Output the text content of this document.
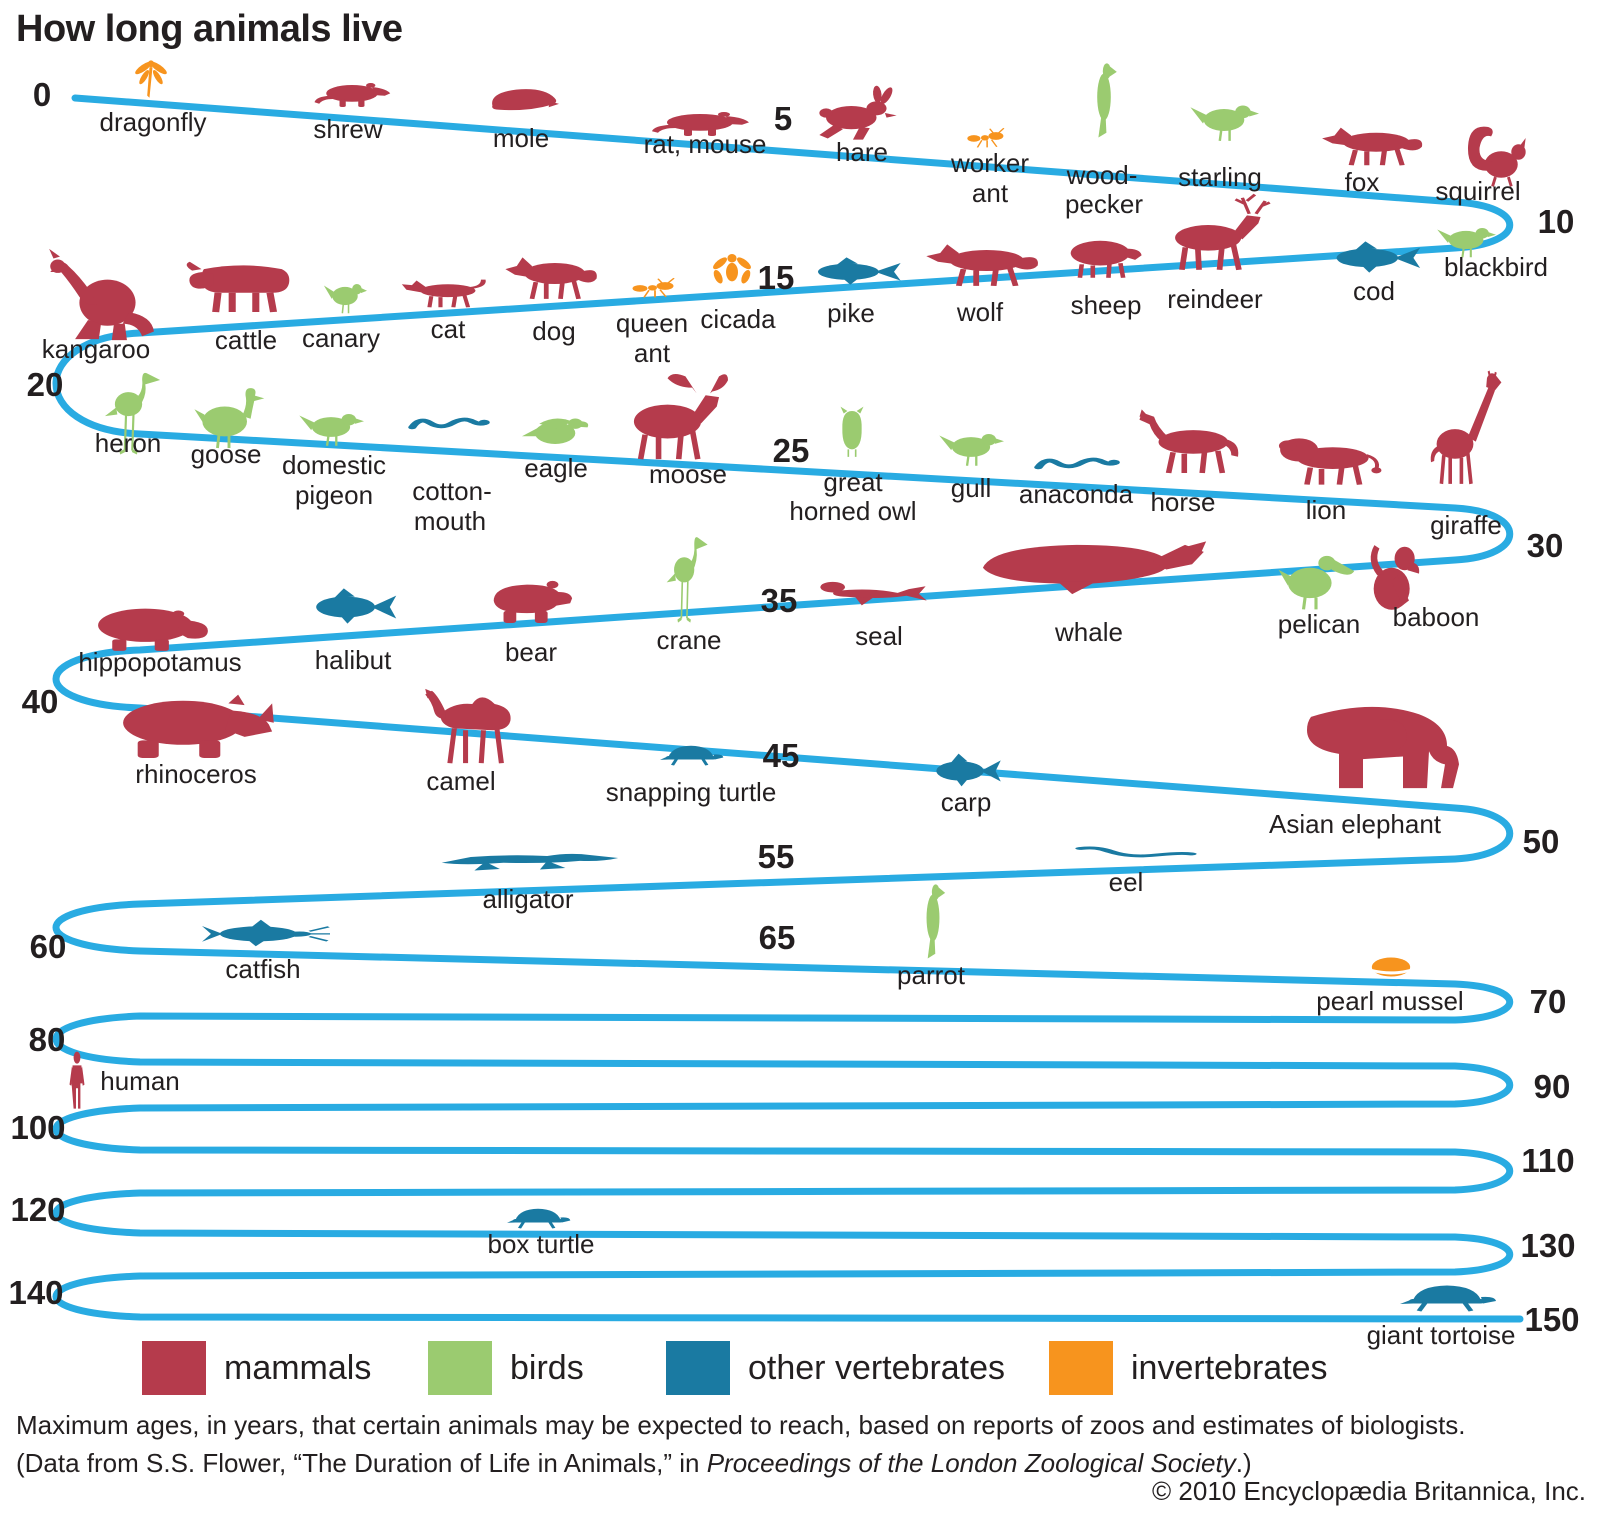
How long animals live
0
5
10
15
20
25
30
35
40
45
50
55
60	65
70
80
90
100
110
120
130
140
150
dragonfly	shrew	mole	rat, mouse	hare worker
ant
wood-
pecker
starling	fox squirrel
blackbird
cod
reindeer
sheep
wolf
pike
cicada
queen
ant
dog
cat
canary
cattle
kangaroo
heron goose domestic
pigeon cotton-
mouth
eagle moose	great
horned owl
gull anaconda horse	lion	giraffe
baboon
pelican
whale
seal
crane
bear
halibut
hippopotamus
rhinoceros	camel	snapping turtle	carp
Asian elephant
eel
alligator
catfish	parrot
pearl mussel
human
box turtle
giant tortoise
mammals	birds	other vertebrates	invertebrates

Maximum ages, in years, that certain animals may be expected to reach, based on reports of zoos and estimates of biologists.
(Data from S.S. Flower, “The Duration of Life in Animals,” in Proceedings of the London Zoological Society.)

© 2010 Encyclopædia Britannica, Inc.
